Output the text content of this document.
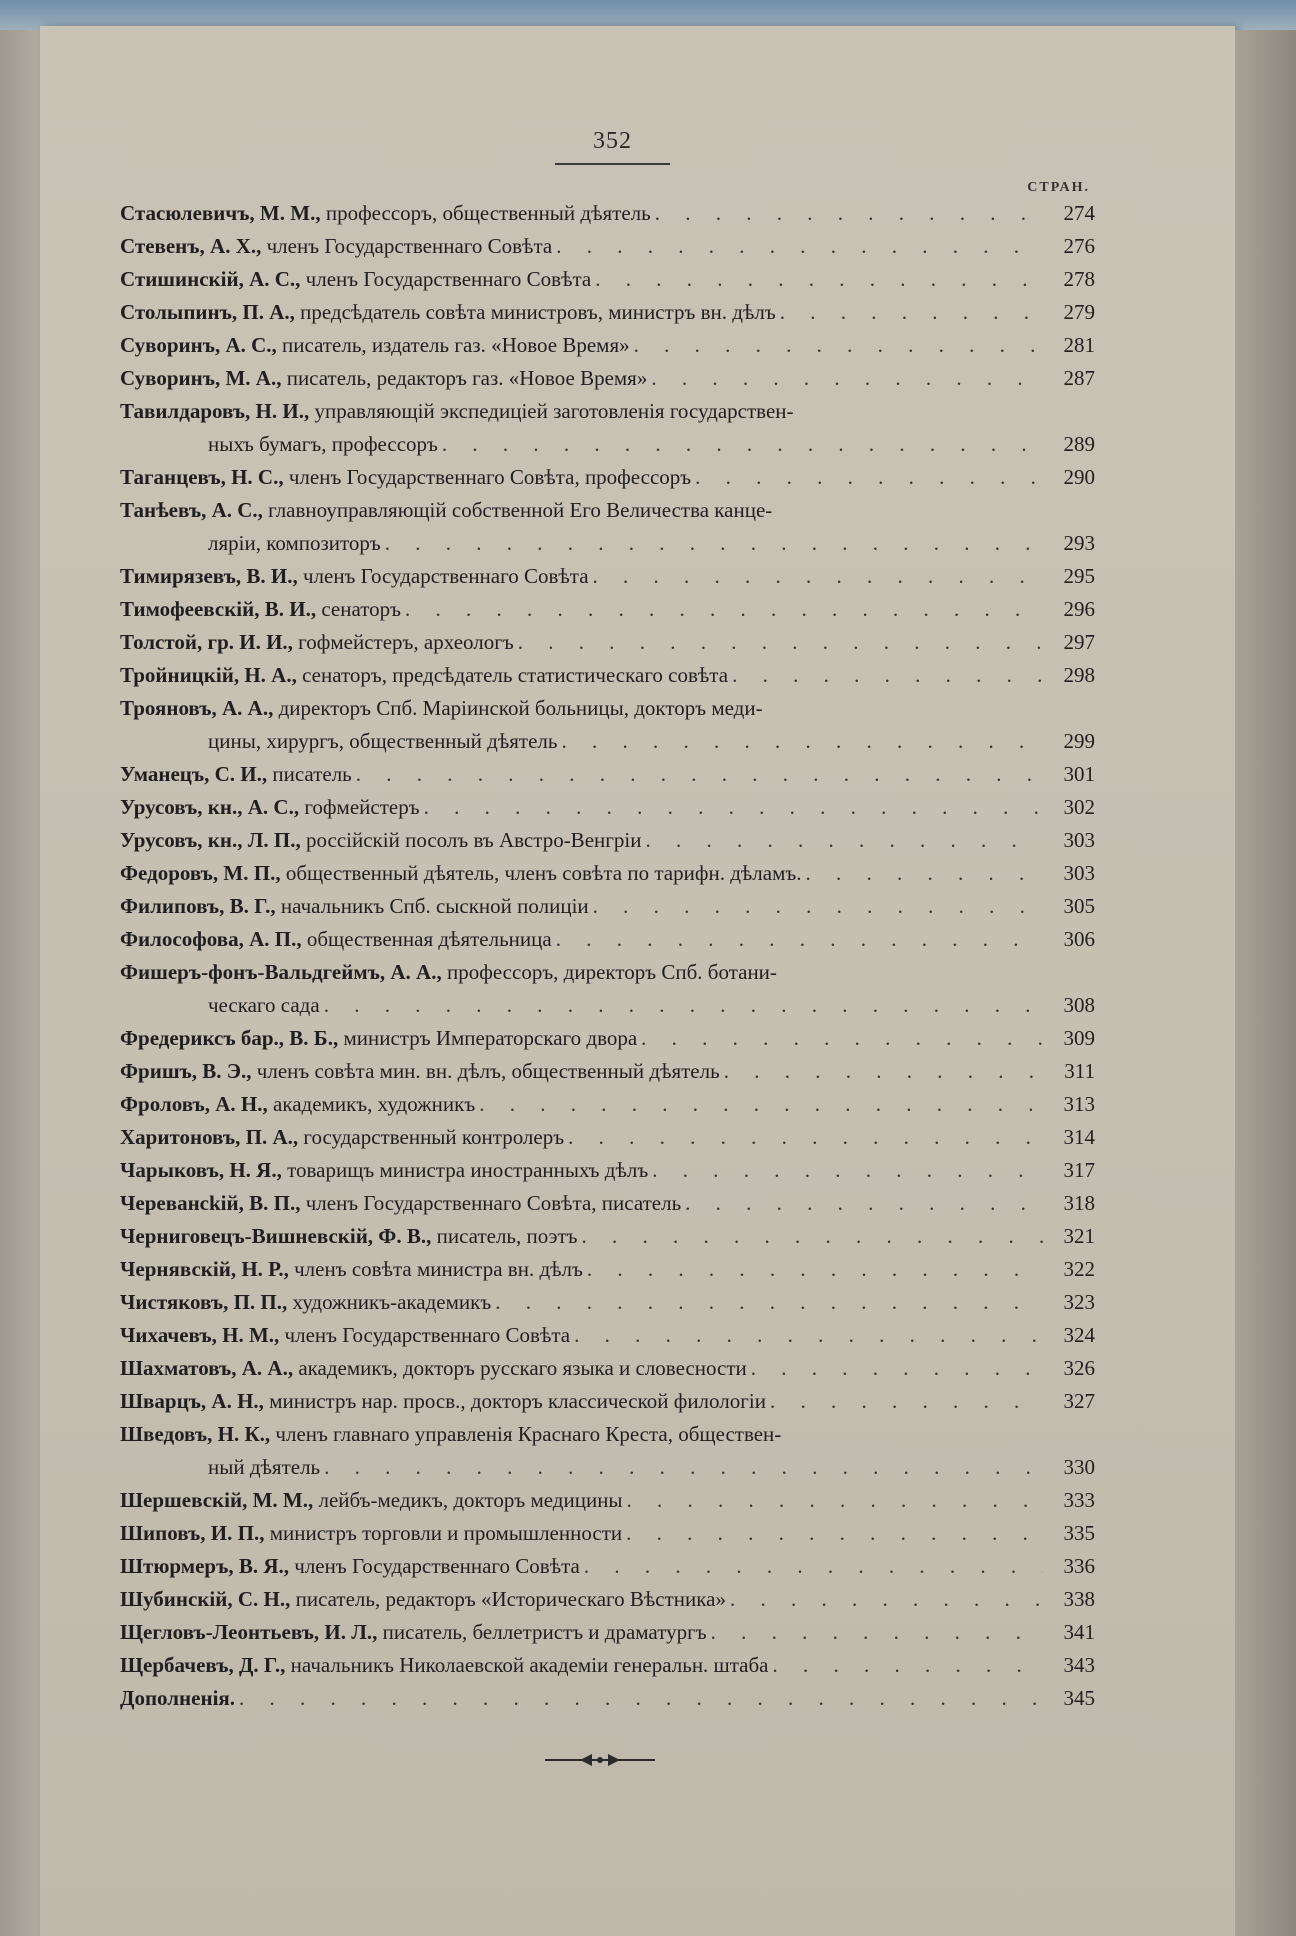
352
СТРАН.
Стасюлевичъ, М. М., профессоръ, общественный дѣятель . . .	274
Стевенъ, А. Х., членъ Государственнаго Совѣта . . .	276
Стишинскій, А. С., членъ Государственнаго Совѣта . . .	278
Столыпинъ, П. А., предсѣдатель совѣта министровъ, министръ вн. дѣлъ . . .	279
Суворинъ, А. С., писатель, издатель газ. «Новое Время» . . .	281
Суворинъ, М. А., писатель, редакторъ газ. «Новое Время» . . .	287
Тавилдаровъ, Н. И., управляющій экспедиціей заготовленія государствен-
ныхъ бумагъ, профессоръ . . .	289
Таганцевъ, Н. С., членъ Государственнаго Совѣта, профессоръ . . .	290
Танѣевъ, А. С., главноуправляющій собственной Его Величества канце-
ляріи, композиторъ . . .	293
Тимирязевъ, В. И., членъ Государственнаго Совѣта . . .	295
Тимофеевскій, В. И., сенаторъ . . .	296
Толстой, гр. И. И., гофмейстеръ, археологъ . . .	297
Тройницкій, Н. А., сенаторъ, предсѣдатель статистическаго совѣта . . .	298
Трояновъ, А. А., директоръ Спб. Маріинской больницы, докторъ меди-
цины, хирургъ, общественный дѣятель . . .	299
Уманецъ, С. И., писатель . . .	301
Урусовъ, кн., А. С., гофмейстеръ . . .	302
Урусовъ, кн., Л. П., россійскій посолъ въ Австро-Венгріи . . .	303
Федоровъ, М. П., общественный дѣятель, членъ совѣта по тарифн. дѣламъ. . . .	303
Филиповъ, В. Г., начальникъ Спб. сыскной полиціи . . .	305
Философова, А. П., общественная дѣятельница . . .	306
Фишеръ-фонъ-Вальдгеймъ, А. А., профессоръ, директоръ Спб. ботани-
ческаго сада . . .	308
Фредериксъ бар., В. Б., министръ Императорскаго двора . . .	309
Фришъ, В. Э., членъ совѣта мин. вн. дѣлъ, общественный дѣятель . . .	311
Фроловъ, А. Н., академикъ, художникъ . . .	313
Харитоновъ, П. А., государственный контролеръ . . .	314
Чарыковъ, Н. Я., товарищъ министра иностранныхъ дѣлъ . . .	317
Черевансkій, В. П., членъ Государственнаго Совѣта, писатель . . .	318
Черниговецъ-Вишневскій, Ф. В., писатель, поэтъ . . .	321
Чернявскій, Н. Р., членъ совѣта министра вн. дѣлъ . . .	322
Чистяковъ, П. П., художникъ-академикъ . . .	323
Чихачевъ, Н. М., членъ Государственнаго Совѣта . . .	324
Шахматовъ, А. А., академикъ, докторъ русскаго языка и словесности . . .	326
Шварцъ, А. Н., министръ нар. просв., докторъ классической филологіи . . .	327
Шведовъ, Н. К., членъ главнаго управленія Краснаго Креста, обществен-
ный дѣятель . . .	330
Шершевскій, М. М., лейбъ-медикъ, докторъ медицины . . .	333
Шиповъ, И. П., министръ торговли и промышленности . . .	335
Штюрмеръ, В. Я., членъ Государственнаго Совѣта . . .	336
Шубинскій, С. Н., писатель, редакторъ «Историческаго Вѣстника» . . .	338
Щегловъ-Леонтьевъ, И. Л., писатель, беллетристъ и драматургъ . . .	341
Щербачевъ, Д. Г., начальникъ Николаевской академіи генеральн. штаба . . .	343
Дополненія. . . .	345
